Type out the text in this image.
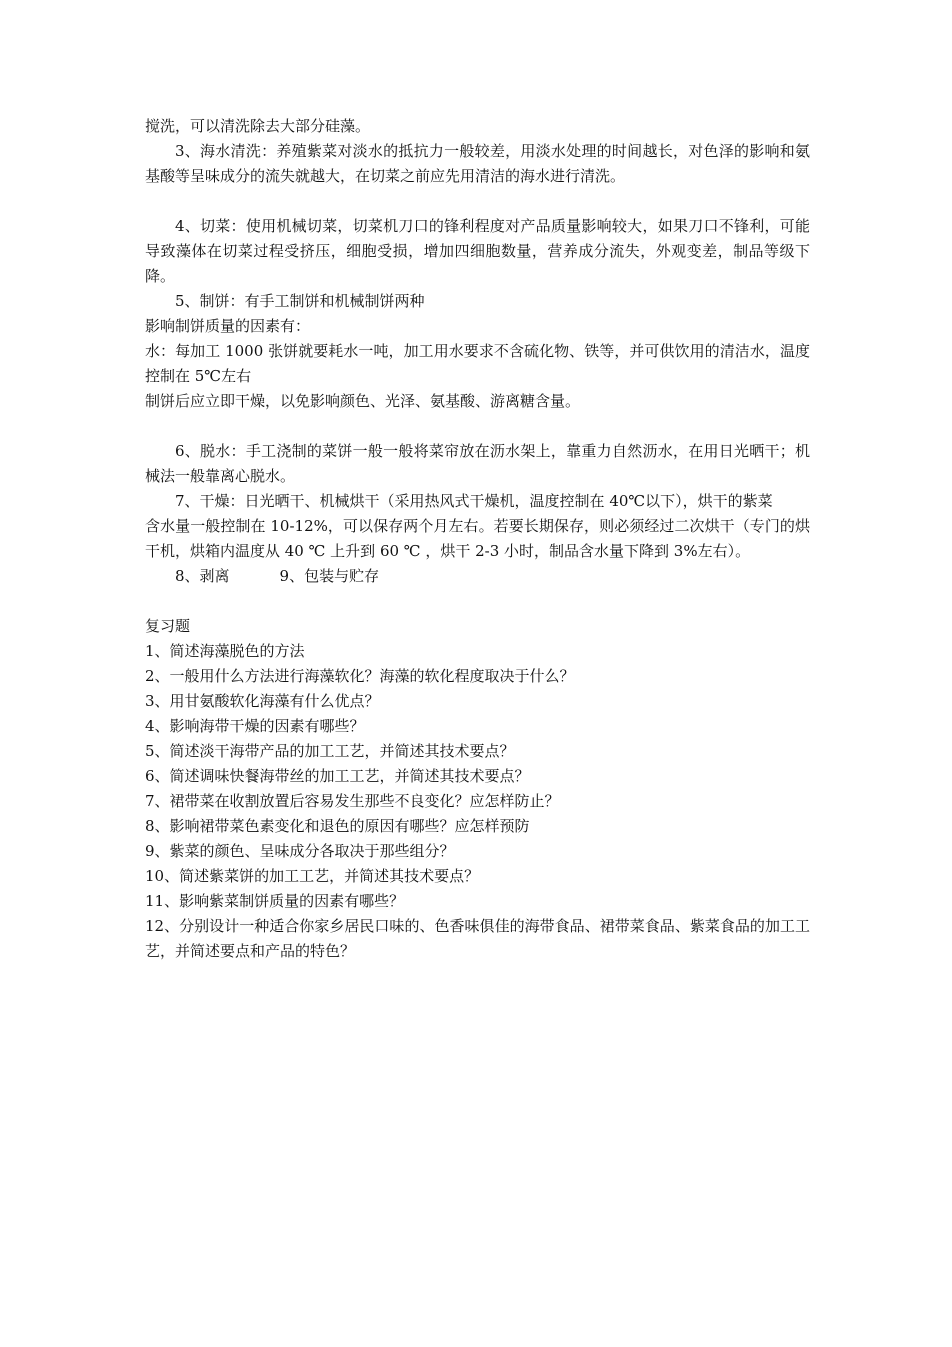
搅洗，可以清洗除去大部分硅藻。

3、海水清洗：养殖紫菜对淡水的抵抗力一般较差，用淡水处理的时间越长，对色泽的影响和氨基酸等呈味成分的流失就越大，在切菜之前应先用清洁的海水进行清洗。

4、切菜：使用机械切菜，切菜机刀口的锋利程度对产品质量影响较大，如果刀口不锋利，可能导致藻体在切菜过程受挤压，细胞受损，增加四细胞数量，营养成分流失，外观变差，制品等级下降。

5、制饼：有手工制饼和机械制饼两种

影响制饼质量的因素有：

水：每加工 1000 张饼就要耗水一吨，加工用水要求不含硫化物、铁等，并可供饮用的清洁水，温度控制在 5℃左右

制饼后应立即干燥，以免影响颜色、光泽、氨基酸、游离糖含量。

6、脱水：手工浇制的菜饼一般一般将菜帘放在沥水架上，靠重力自然沥水，在用日光晒干；机械法一般靠离心脱水。

7、干燥：日光晒干、机械烘干（采用热风式干燥机，温度控制在 40℃以下），烘干的紫菜

含水量一般控制在 10-12%，可以保存两个月左右。若要长期保存，则必须经过二次烘干（专门的烘干机，烘箱内温度从 40 ℃ 上升到 60 ℃ ，烘干 2-3 小时，制品含水量下降到 3%左右）。

8、剥离	9、包装与贮存

复习题

1、简述海藻脱色的方法

2、一般用什么方法进行海藻软化？海藻的软化程度取决于什么？

3、用甘氨酸软化海藻有什么优点？

4、影响海带干燥的因素有哪些？

5、简述淡干海带产品的加工工艺，并简述其技术要点？

6、简述调味快餐海带丝的加工工艺，并简述其技术要点？

7、裙带菜在收割放置后容易发生那些不良变化？应怎样防止？

8、影响裙带菜色素变化和退色的原因有哪些？应怎样预防

9、紫菜的颜色、呈味成分各取决于那些组分？

10、简述紫菜饼的加工工艺，并简述其技术要点？

11、影响紫菜制饼质量的因素有哪些？

12、分别设计一种适合你家乡居民口味的、色香味俱佳的海带食品、裙带菜食品、紫菜食品的加工工艺，并简述要点和产品的特色？
